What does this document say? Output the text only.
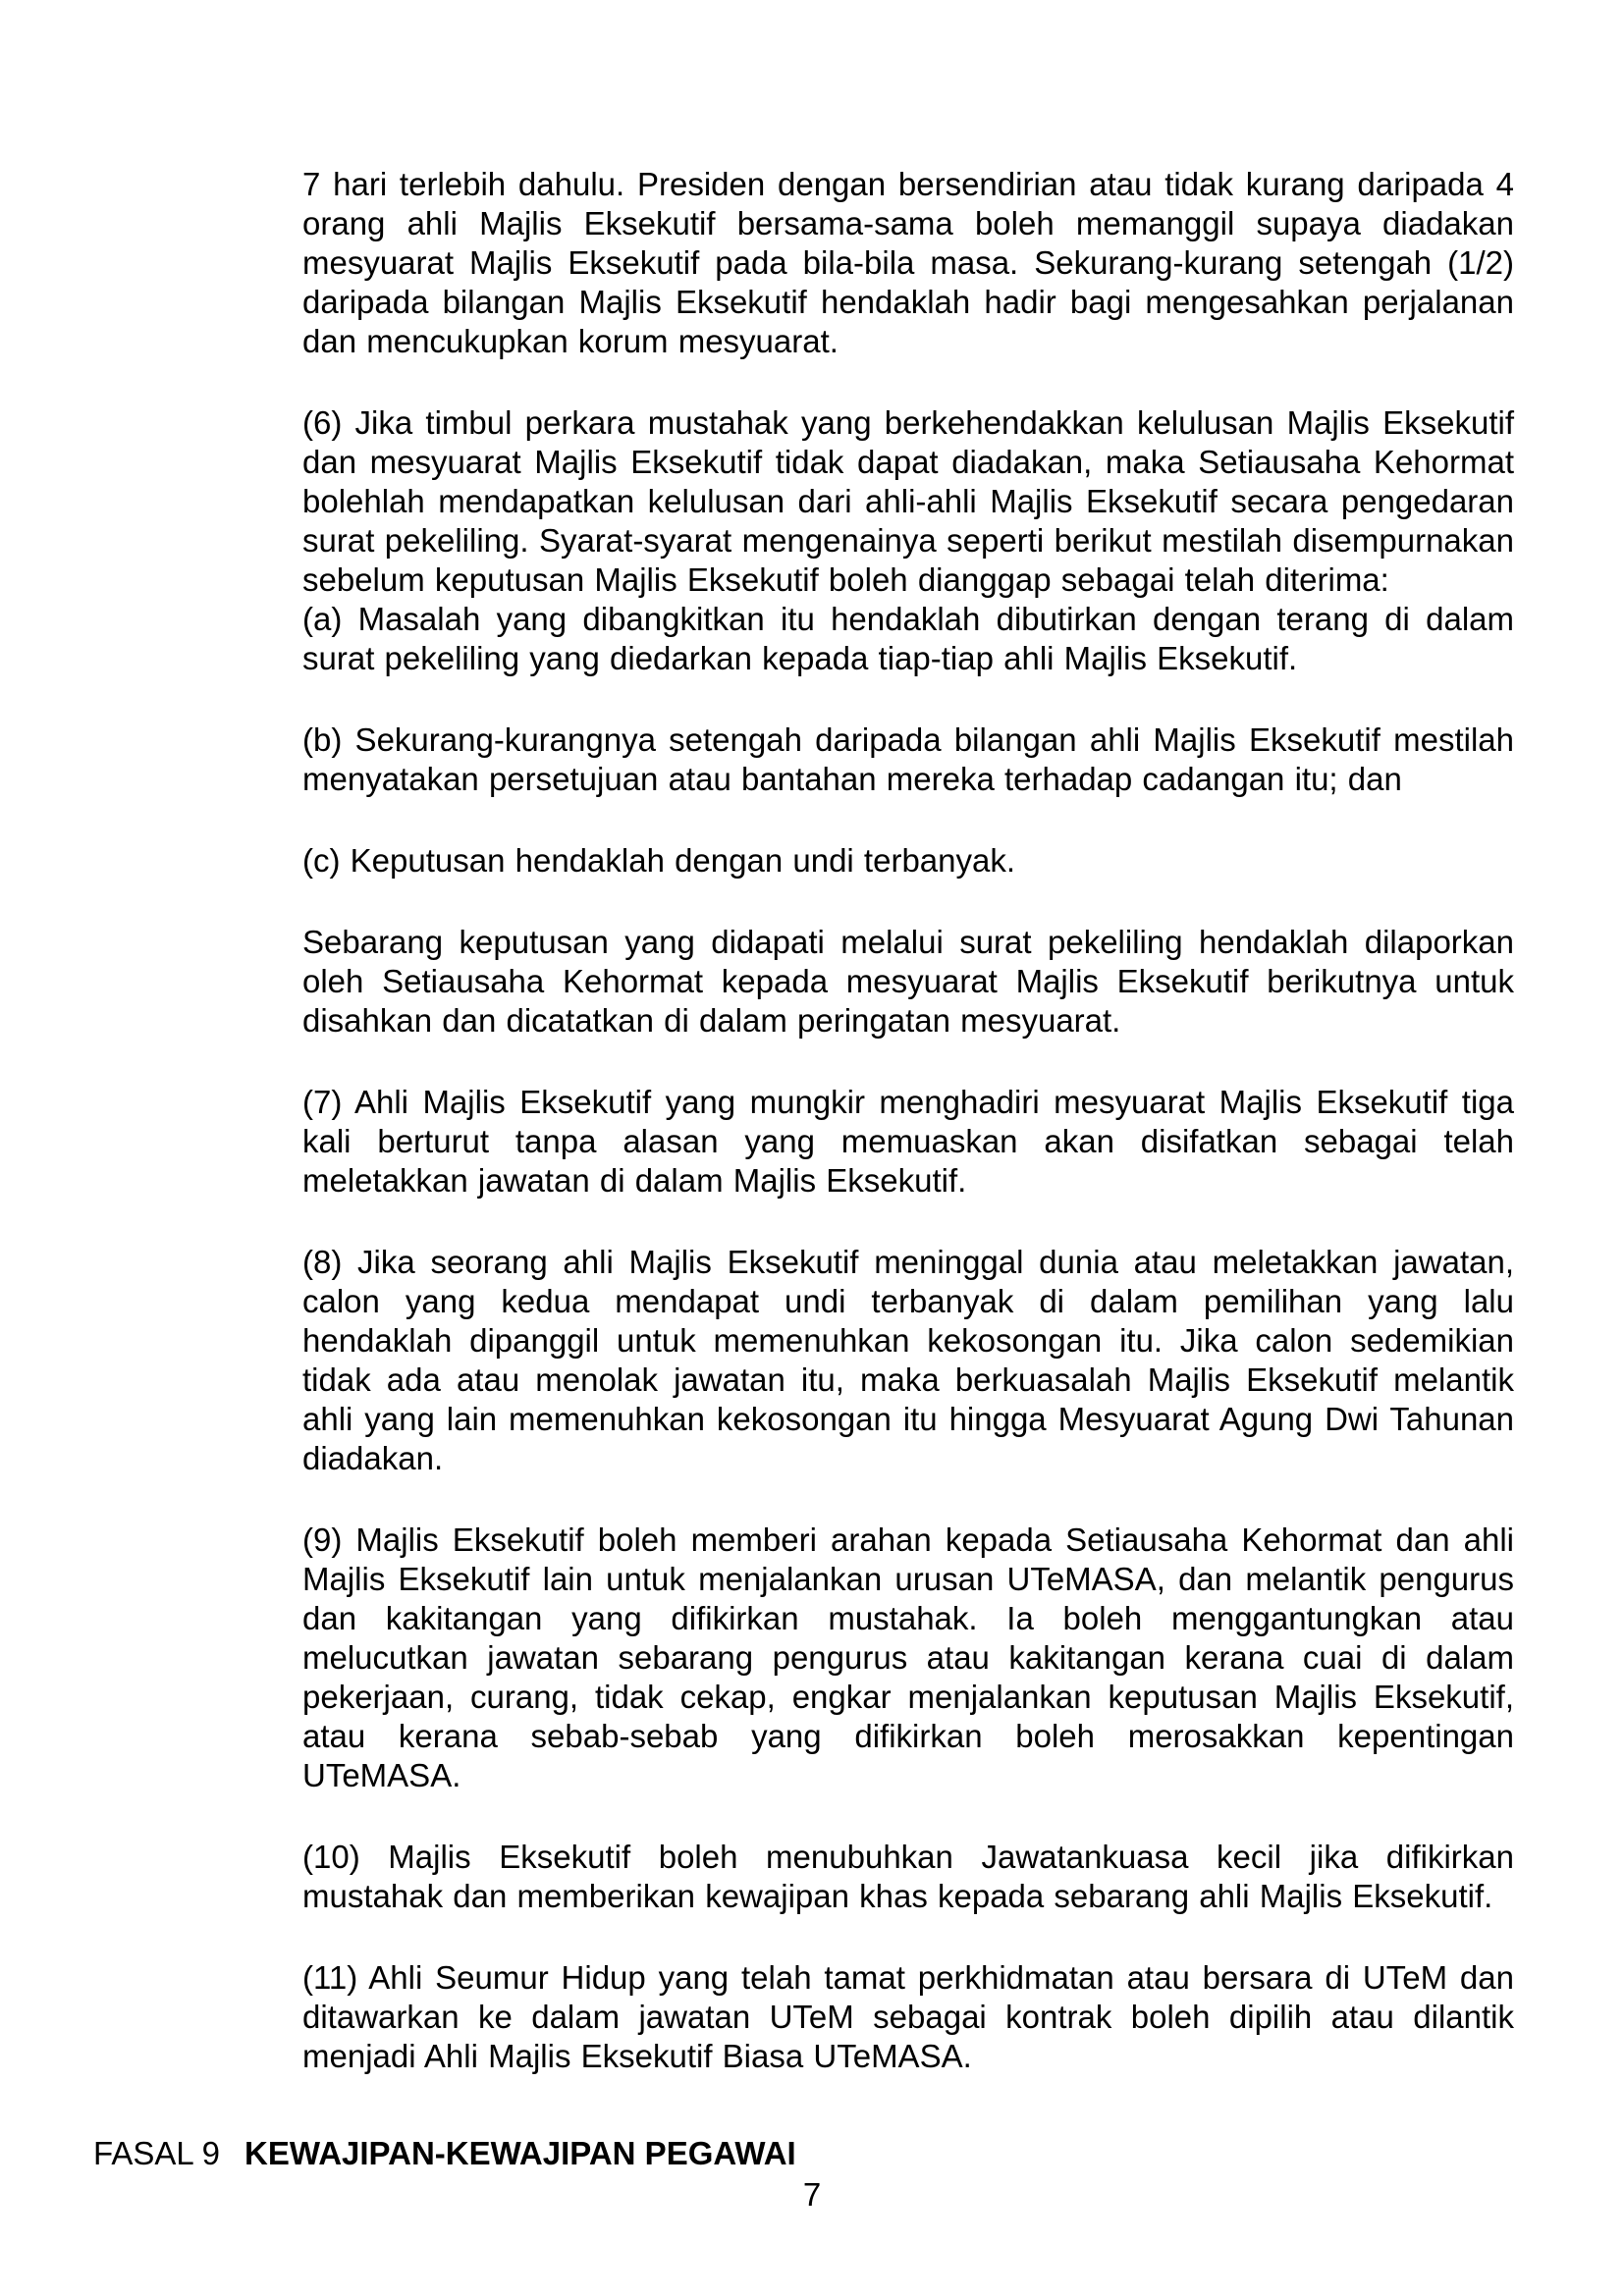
7 hari terlebih dahulu. Presiden dengan bersendirian atau tidak kurang daripada 4 orang ahli Majlis Eksekutif bersama-sama boleh memanggil supaya diadakan mesyuarat Majlis Eksekutif pada bila-bila masa. Sekurang-kurang setengah (1/2) daripada bilangan Majlis Eksekutif hendaklah hadir bagi mengesahkan perjalanan dan mencukupkan korum mesyuarat.

(6) Jika timbul perkara mustahak yang berkehendakkan kelulusan Majlis Eksekutif dan mesyuarat Majlis Eksekutif tidak dapat diadakan, maka Setiausaha Kehormat bolehlah mendapatkan kelulusan dari ahli-ahli Majlis Eksekutif secara pengedaran surat pekeliling. Syarat-syarat mengenainya seperti berikut mestilah disempurnakan sebelum keputusan Majlis Eksekutif boleh dianggap sebagai telah diterima:

(a) Masalah yang dibangkitkan itu hendaklah dibutirkan dengan terang di dalam surat pekeliling yang diedarkan kepada tiap-tiap ahli Majlis Eksekutif.

(b) Sekurang-kurangnya setengah daripada bilangan ahli Majlis Eksekutif mestilah menyatakan persetujuan atau bantahan mereka terhadap cadangan itu; dan

(c) Keputusan hendaklah dengan undi terbanyak.

Sebarang keputusan yang didapati melalui surat pekeliling hendaklah dilaporkan oleh Setiausaha Kehormat kepada mesyuarat Majlis Eksekutif berikutnya untuk disahkan dan dicatatkan di dalam peringatan mesyuarat.

(7) Ahli Majlis Eksekutif yang mungkir menghadiri mesyuarat Majlis Eksekutif tiga kali berturut tanpa alasan yang memuaskan akan disifatkan sebagai telah meletakkan jawatan di dalam Majlis Eksekutif.

(8) Jika seorang ahli Majlis Eksekutif meninggal dunia atau meletakkan jawatan, calon yang kedua mendapat undi terbanyak di dalam pemilihan yang lalu hendaklah dipanggil untuk memenuhkan kekosongan itu. Jika calon sedemikian tidak ada atau menolak jawatan itu, maka berkuasalah Majlis Eksekutif melantik ahli yang lain memenuhkan kekosongan itu hingga Mesyuarat Agung Dwi Tahunan diadakan.

(9) Majlis Eksekutif boleh memberi arahan kepada Setiausaha Kehormat dan ahli Majlis Eksekutif lain untuk menjalankan urusan UTeMASA, dan melantik pengurus dan kakitangan yang difikirkan mustahak. Ia boleh menggantungkan atau melucutkan jawatan sebarang pengurus atau kakitangan kerana cuai di dalam pekerjaan, curang, tidak cekap, engkar menjalankan keputusan Majlis Eksekutif, atau kerana sebab-sebab yang difikirkan boleh merosakkan kepentingan UTeMASA.

(10) Majlis Eksekutif boleh menubuhkan Jawatankuasa kecil jika difikirkan mustahak dan memberikan kewajipan khas kepada sebarang ahli Majlis Eksekutif.

(11) Ahli Seumur Hidup yang telah tamat perkhidmatan atau bersara di UTeM dan ditawarkan ke dalam jawatan UTeM sebagai kontrak boleh dipilih atau dilantik menjadi Ahli Majlis Eksekutif Biasa UTeMASA.

FASAL 9 KEWAJIPAN-KEWAJIPAN PEGAWAI
7
